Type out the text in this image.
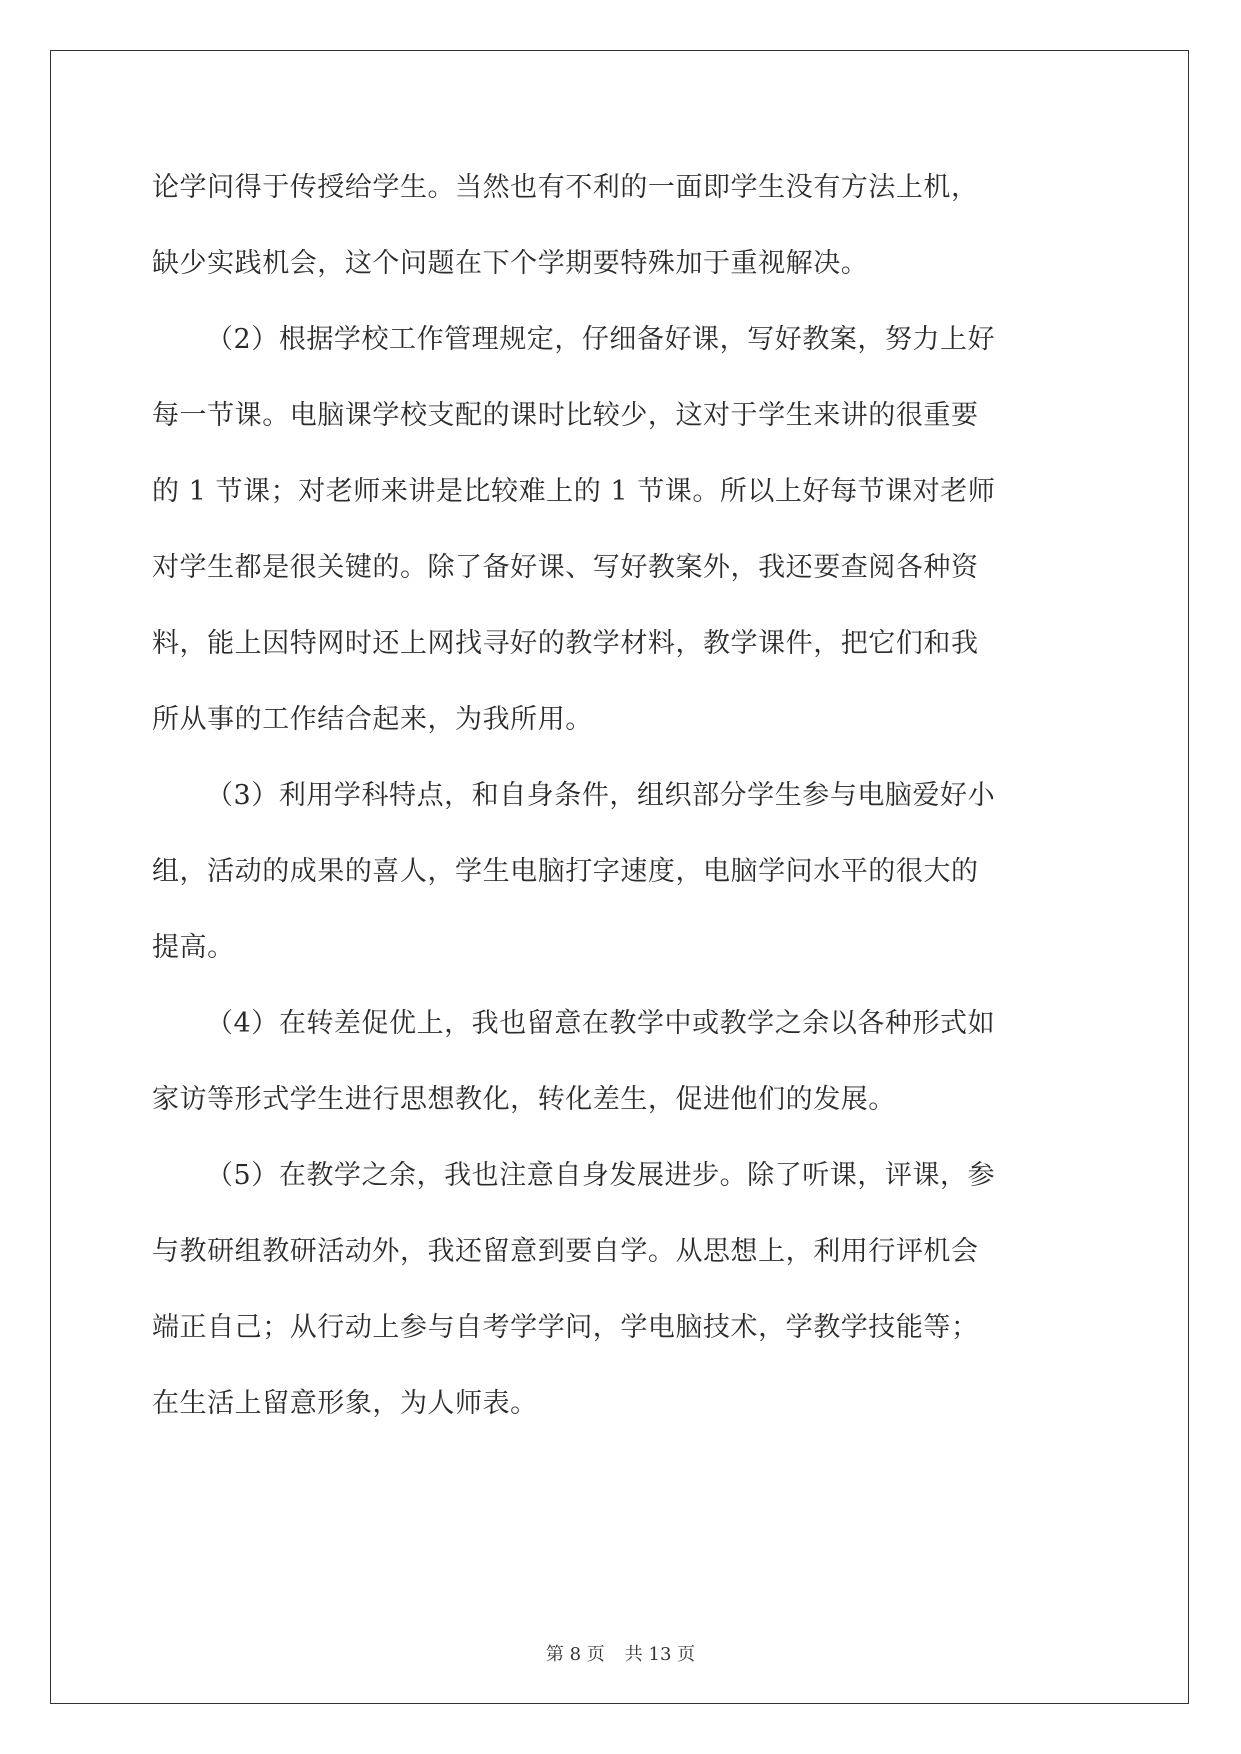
论学问得于传授给学生。当然也有不利的一面即学生没有方法上机，
缺少实践机会，这个问题在下个学期要特殊加于重视解决。
（2）根据学校工作管理规定，仔细备好课，写好教案，努力上好
每一节课。电脑课学校支配的课时比较少，这对于学生来讲的很重要
的 1 节课；对老师来讲是比较难上的 1 节课。所以上好每节课对老师
对学生都是很关键的。除了备好课、写好教案外，我还要查阅各种资
料，能上因特网时还上网找寻好的教学材料，教学课件，把它们和我
所从事的工作结合起来，为我所用。
（3）利用学科特点，和自身条件，组织部分学生参与电脑爱好小
组，活动的成果的喜人，学生电脑打字速度，电脑学问水平的很大的
提高。
（4）在转差促优上，我也留意在教学中或教学之余以各种形式如
家访等形式学生进行思想教化，转化差生，促进他们的发展。
（5）在教学之余，我也注意自身发展进步。除了听课，评课，参
与教研组教研活动外，我还留意到要自学。从思想上，利用行评机会
端正自己；从行动上参与自考学学问，学电脑技术，学教学技能等；
在生活上留意形象，为人师表。
第 8 页 共 13 页
